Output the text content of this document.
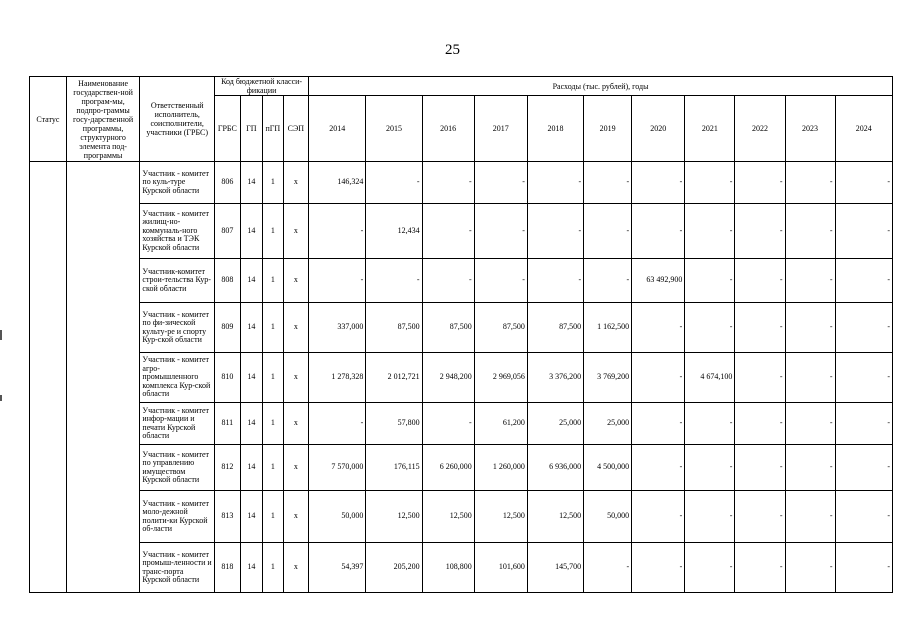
25
Статус	Наименование государствен-ной програм-мы, подпро-граммы госу-дарственной программы, структурного элемента под-программы	Ответственный исполнитель, соисполнители, участники (ГРБС)	Код бюджетной класси-фикации				Расходы (тыс. рублей), годы										
			ГРБС	ГП	пГП	СЭП	2014	2015	2016	2017	2018	2019	2020	2021	2022	2023	2024
		Участник - комитет по куль-туре Курской области	806	14	1	х	146,324	-	-	-	-	-	-	-	-	-	-
		Участник - комитет жилищ-но-коммуналь-ного хозяйства и ТЭК Курской области	807	14	1	х	-	12,434	-	-	-	-	-	-	-	-	-
		Участник-комитет строи-тельства Кур-ской области	808	14	1	х	-	-	-	-	-	-	63 492,900	-	-	-	-
		Участник - комитет по фи-зической культу-ре и спорту Кур-ской области	809	14	1	х	337,000	87,500	87,500	87,500	87,500	1 162,500	-	-	-	-	-
		Участник - комитет агро-промышленного комплекса Кур-ской области	810	14	1	х	1 278,328	2 012,721	2 948,200	2 969,056	3 376,200	3 769,200	-	4 674,100	-	-	-
		Участник - комитет инфор-мации и печати Курской области	811	14	1	х	-	57,800	-	61,200	25,000	25,000	-	-	-	-	-
		Участник - комитет по управлению имуществом Курской области	812	14	1	х	7 570,000	176,115	6 260,000	1 260,000	6 936,000	4 500,000	-	-	-	-	-
		Участник - комитет моло-дежной полити-ки Курской об-ласти	813	14	1	х	50,000	12,500	12,500	12,500	12,500	50,000	-	-	-	-	-
		Участник - комитет промыш-ленности и транс-порта Курской области	818	14	1	х	54,397	205,200	108,800	101,600	145,700	-	-	-	-	-	-
